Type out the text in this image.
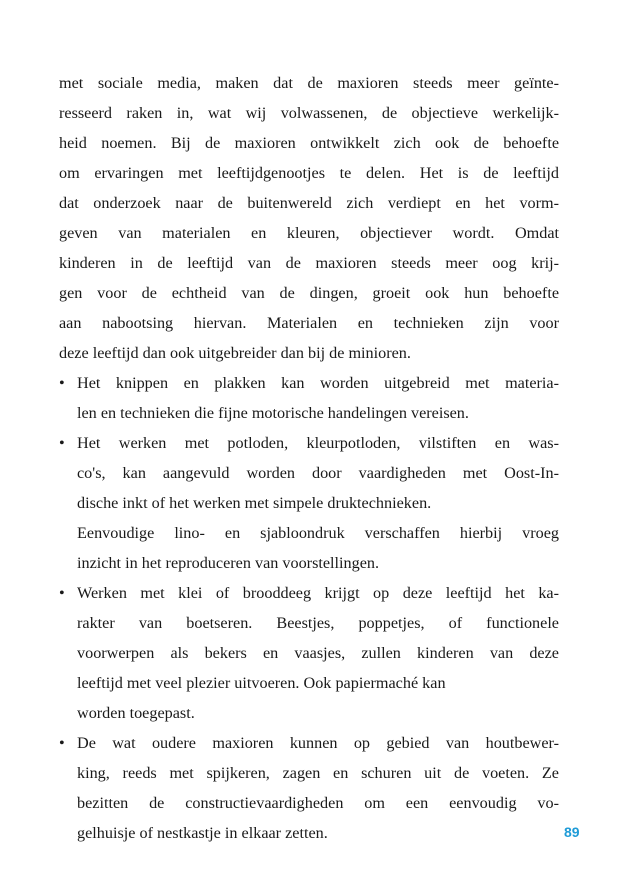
met sociale media, maken dat de maxioren steeds meer geïnte-
resseerd raken in, wat wij volwassenen, de objectieve werkelijk-
heid noemen. Bij de maxioren ontwikkelt zich ook de behoefte
om ervaringen met leeftijdgenootjes te delen. Het is de leeftijd
dat onderzoek naar de buitenwereld zich verdiept en het vorm-
geven van materialen en kleuren, objectiever wordt. Omdat
kinderen in de leeftijd van de maxioren steeds meer oog krij-
gen voor de echtheid van de dingen, groeit ook hun behoefte
aan nabootsing hiervan. Materialen en technieken zijn voor
deze leeftijd dan ook uitgebreider dan bij de minioren.
• Het knippen en plakken kan worden uitgebreid met materia-
len en technieken die fijne motorische handelingen vereisen.
• Het werken met potloden, kleurpotloden, vilstiften en was-
co's, kan aangevuld worden door vaardigheden met Oost-In-
dische inkt of het werken met simpele druktechnieken.
Eenvoudige lino- en sjabloondruk verschaffen hierbij vroeg
inzicht in het reproduceren van voorstellingen.
• Werken met klei of brooddeeg krijgt op deze leeftijd het ka-
rakter van boetseren. Beestjes, poppetjes, of functionele
voorwerpen als bekers en vaasjes, zullen kinderen van deze
leeftijd met veel plezier uitvoeren. Ook papiermaché kan
worden toegepast.
• De wat oudere maxioren kunnen op gebied van houtbewer-
king, reeds met spijkeren, zagen en schuren uit de voeten. Ze
bezitten de constructievaardigheden om een eenvoudig vo-
gelhuisje of nestkastje in elkaar zetten.	89
